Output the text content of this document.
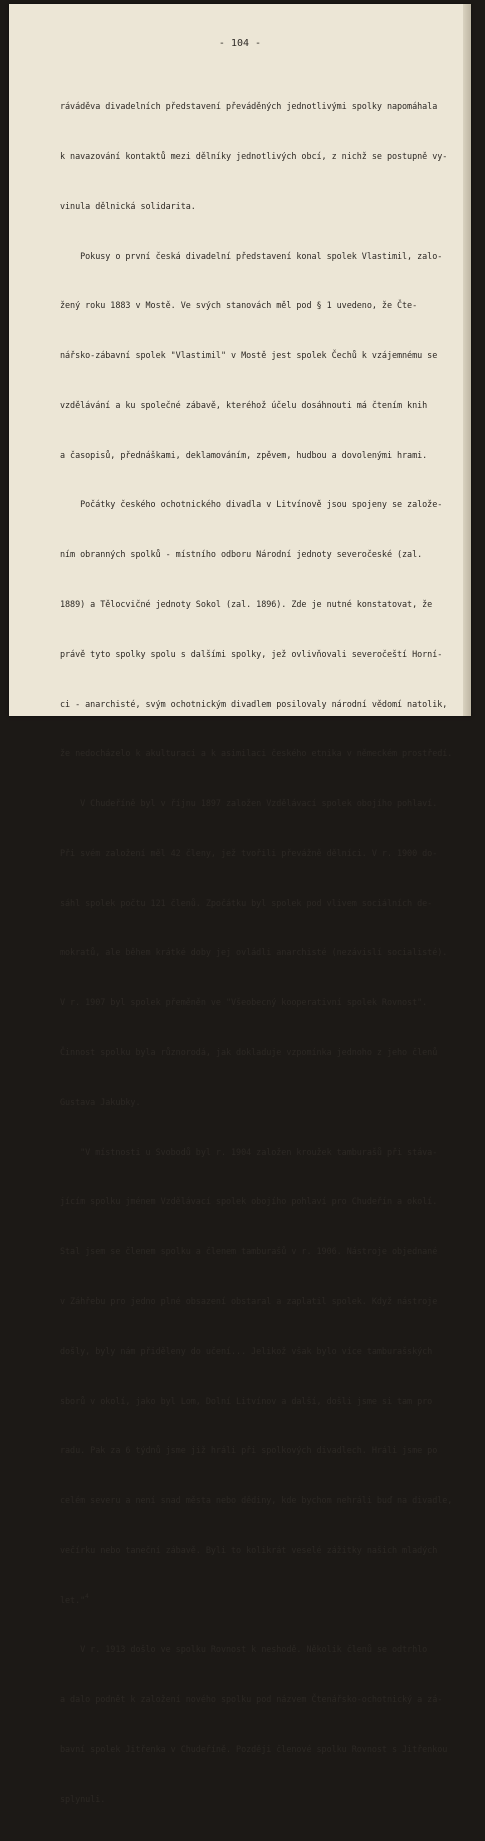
- 104 -

ráváděva divadelních představení převáděných jednotlivými spolky napomáhala

k navazování kontaktů mezi dělníky jednotlivých obcí, z nichž se postupně vy-

vinula dělnická solidarita.

Pokusy o první česká divadelní představení konal spolek Vlastimil, zalo-

žený roku 1883 v Mostě. Ve svých stanovách měl pod § 1 uvedeno, že Čte-

nářsko-zábavní spolek "Vlastimil" v Mostě jest spolek Čechů k vzájemnému se

vzdělávání a ku společné zábavě, kteréhož účelu dosáhnouti má čtením knih

a časopisů, přednáškami, deklamováním, zpěvem, hudbou a dovolenými hrami.

Počátky českého ochotnického divadla v Litvínově jsou spojeny se založe-

ním obranných spolků - místního odboru Národní jednoty severočeské (zal.

1889) a Tělocvičné jednoty Sokol (zal. 1896). Zde je nutné konstatovat, že

právě tyto spolky spolu s dalšími spolky, jež ovlivňovali severočeští Horní-

ci - anarchisté, svým ochotnickým divadlem posilovaly národní vědomí natolik,

že nedocházelo k akulturaci a k asimilaci českého etnika v německém prostředí.

V Chudeříně byl v říjnu 1897 založen Vzdělávací spolek obojího pohlaví.

Při svém založení měl 42 členy, jež tvořili převážně dělníci. V r. 1900 do-

sáhl spolek počtu 121 členů. Zpočátku byl spolek pod vlivem sociálních de-

mokratů, ale během krátké doby jej ovládli anarchisté (nezávislí socialisté).

V r. 1907 byl spolek přeměněn ve "Všeobecný kooperativní spolek Rovnost".

Činnost spolku byla různorodá, jak dokladuje vzpomínka jednoho z jeho členů

Gustava Jakubky.

"V místnosti u Svobodů byl r. 1904 založen kroužek tamburašů při stáva-

jícím spolku jménem Vzdělávací spolek obojího pohlaví pro Chudeřín a okolí.

Stal jsem se členem spolku a členem tamburašů v r. 1906. Nástroje objednané

v Záhřebu pro jedno plné obsazení obstaral a zaplatil spolek. Když nástroje

došly, byly nám přiděleny do učení... Jelikož však bylo více tamburašských

sborů v okolí, jako byl Lom, Dolní Litvínov a další, došli jsme si tam pro

radu. Pak za 6 týdnů jsme již hráli při spolkových divadlech. Hráli jsme po

celém severu a není snad města nebo dědiny, kde bychom nehráli buď na divadle,

večírku nebo taneční zábavě. Byli to kolikrát veselé zážitky našich mladých

let."$^4$

V r. 1913 došlo ve spolku Rovnost k neshodě. Několik členů se odtrhlo

a dalo podnět k založení nového spolku pod názvem Čtenářsko-ochotnický a zá-

bavní spolek Jitřenka v Chudeříně. Později členové spolku Rovnost s Jitřenkou

splynuli.
